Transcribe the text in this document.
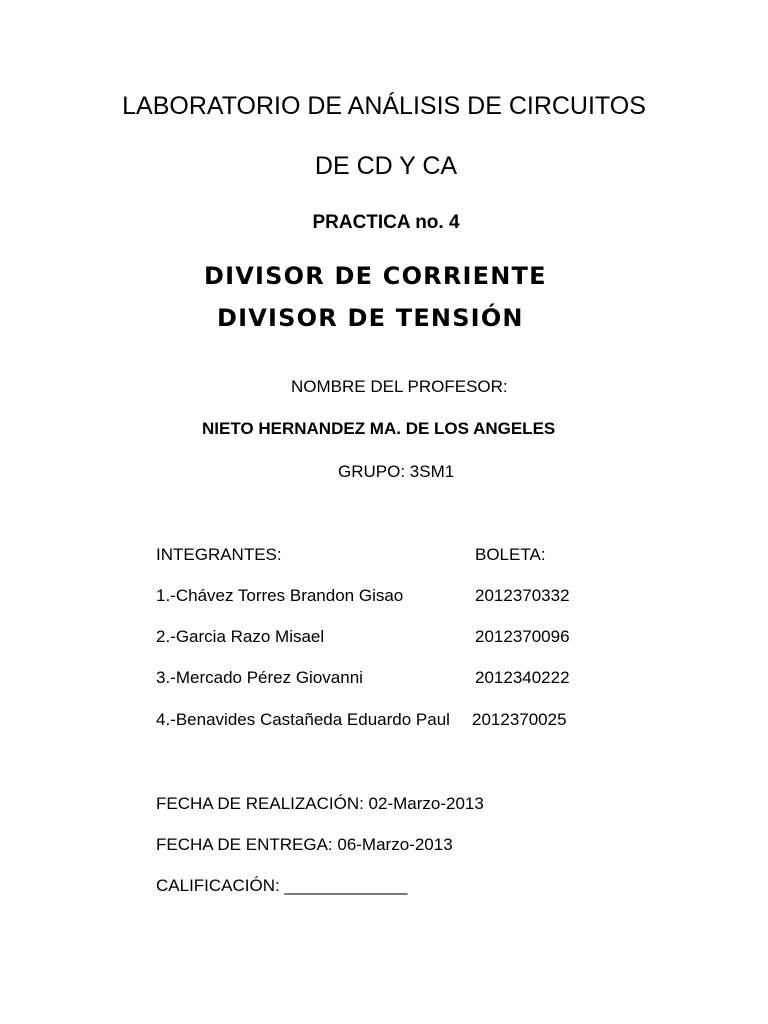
LABORATORIO DE ANÁLISIS DE CIRCUITOS
DE CD Y CA
PRACTICA no. 4
DIVISOR DE CORRIENTE
DIVISOR DE TENSIÓN
NOMBRE DEL PROFESOR:
NIETO HERNANDEZ MA. DE LOS ANGELES
GRUPO: 3SM1
INTEGRANTES:	BOLETA:
1.-Chávez Torres Brandon Gisao	2012370332
2.-Garcia Razo Misael	2012370096
3.-Mercado Pérez Giovanni	2012340222
4.-Benavides Castañeda Eduardo Paul 2012370025
FECHA DE REALIZACIÓN: 02-Marzo-2013
FECHA DE ENTREGA: 06-Marzo-2013
CALIFICACIÓN: _____________
